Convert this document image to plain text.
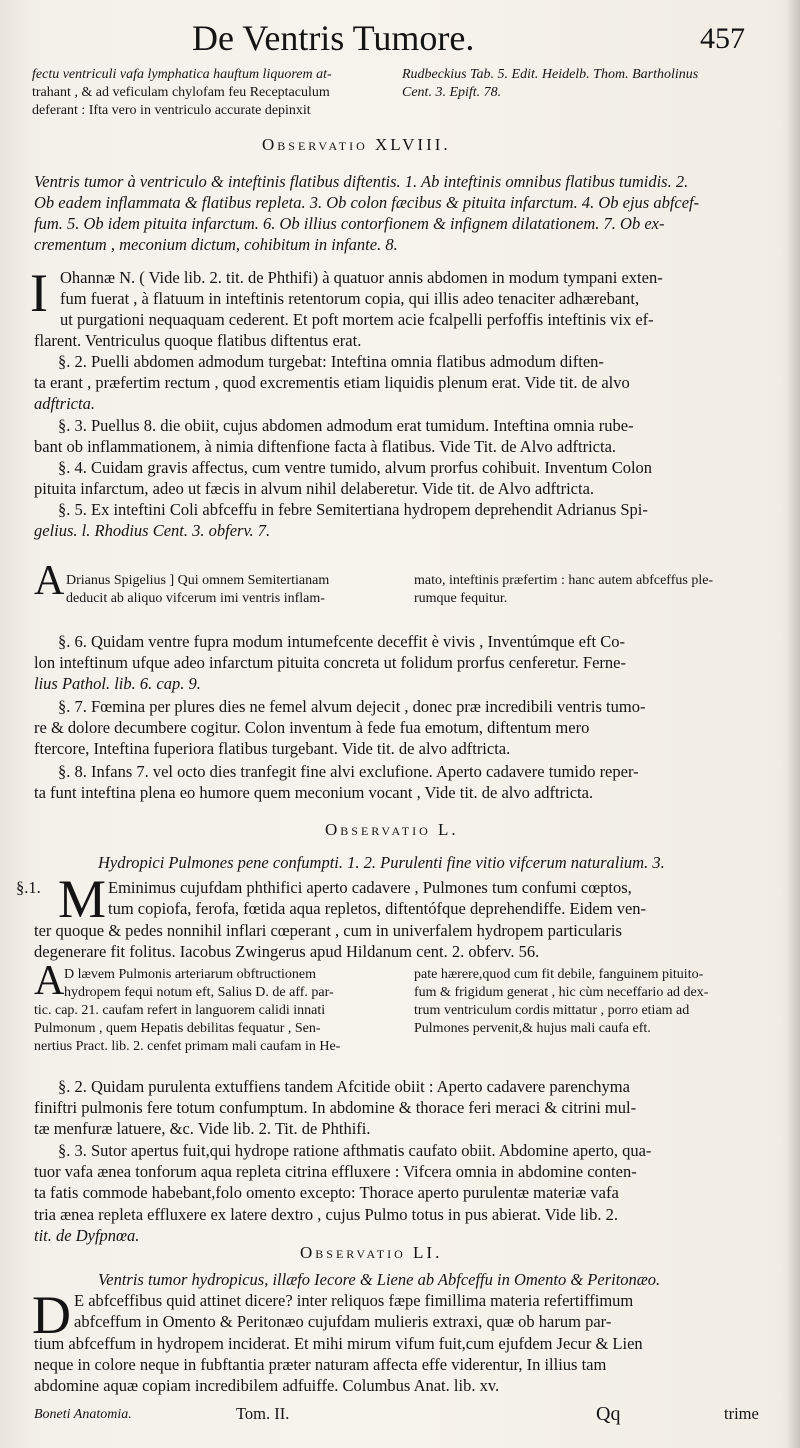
De Ventris Tumore.	457
fectu ventriculi vafa lymphatica hauftum liquorem at-
trahant , & ad veficulam chylofam feu Receptaculum
deferant : Ifta vero in ventriculo accurate depinxit
Rudbeckius Tab. 5. Edit. Heidelb. Thom. Bartholinus
Cent. 3. Epift. 78.
Observatio XLVIII.
Ventris tumor à ventriculo & inteftinis flatibus diftentis. 1. Ab inteftinis omnibus flatibus tumidis. 2.
Ob eadem inflammata & flatibus repleta. 3. Ob colon fæcibus & pituita infarctum. 4. Ob ejus abfcef-
fum. 5. Ob idem pituita infarctum. 6. Ob illius contorfionem & infignem dilatationem. 7. Ob ex-
crementum , meconium dictum, cohibitum in infante. 8.
I Ohannæ N. ( Vide lib. 2. tit. de Phthifi) à quatuor annis abdomen in modum tympani exten-
fum fuerat , à flatuum in inteftinis retentorum copia, qui illis adeo tenaciter adhærebant,
ut purgationi nequaquam cederent. Et poft mortem acie fcalpelli perfoffis inteftinis vix ef-
flarent. Ventriculus quoque flatibus diftentus erat.
§. 2. Puelli abdomen admodum turgebat: Inteftina omnia flatibus admodum diften-
ta erant , præfertim rectum , quod excrementis etiam liquidis plenum erat. Vide tit. de alvo
adftricta.
§. 3. Puellus 8. die obiit, cujus abdomen admodum erat tumidum. Inteftina omnia rube-
bant ob inflammationem, à nimia diftenfione facta à flatibus. Vide Tit. de Alvo adftricta.
§. 4. Cuidam gravis affectus, cum ventre tumido, alvum prorfus cohibuit. Inventum Colon
pituita infarctum, adeo ut fæcis in alvum nihil delaberetur. Vide tit. de Alvo adftricta.
§. 5. Ex inteftini Coli abfceffu in febre Semitertiana hydropem deprehendit Adrianus Spi-
gelius. l. Rhodius Cent. 3. obferv. 7.
A Drianus Spigelius ] Qui omnem Semitertianam
deducit ab aliquo vifcerum imi ventris inflam-
mato, inteftinis præfertim : hanc autem abfceffus ple-
rumque fequitur.
§. 6. Quidam ventre fupra modum intumefcente deceffit è vivis , Inventúmque eft Co-
lon inteftinum ufque adeo infarctum pituita concreta ut folidum prorfus cenferetur. Fernе-
lius Pathol. lib. 6. cap. 9.
§. 7. Fœmina per plures dies ne femel alvum dejecit , donec præ incredibili ventris tumo-
re & dolore decumbere cogitur. Colon inventum à fede fua emotum, diftentum mero
ftercore, Inteftina fuperiora flatibus turgebant. Vide tit. de alvo adftricta.
§. 8. Infans 7. vel octo dies tranfegit fine alvi exclufione. Aperto cadavere tumido reper-
ta funt inteftina plena eo humore quem meconium vocant , Vide tit. de alvo adftricta.
Observatio L.
Hydropici Pulmones pene confumpti. 1. 2. Purulenti fine vitio vifcerum naturalium. 3.
§.1. M Eminimus cujufdam phthifici aperto cadavere , Pulmones tum confumi cœptos,
tum copiofa, ferofa, fœtida aqua repletos, diftentófque deprehendiffe. Eidem ven-
ter quoque & pedes nonnihil inflari cœperant , cum in univerfalem hydropem particularis
degenerare fit folitus. Iacobus Zwingerus apud Hildanum cent. 2. obferv. 56.
A D lævem Pulmonis arteriarum obftructionem
hydropem fequi notum eft, Salius D. de aff. par-
tic. cap. 21. caufam refert in languorem calidi innati
Pulmonum , quem Hepatis debilitas fequatur , Sen-
nertius Pract. lib. 2. cenfet primam mali caufam in He-
pate hærere,quod cum fit debile, fanguinem pituito-
fum & frigidum generat , hic cùm neceffario ad dex-
trum ventriculum cordis mittatur , porro etiam ad
Pulmones pervenit,& hujus mali caufa eft.
§. 2. Quidam purulenta extuffiens tandem Afcitide obiit : Aperto cadavere parenchyma
finiftri pulmonis fere totum confumptum. In abdomine & thorace feri meraci & citrini mul-
tæ menfuræ latuere, &c. Vide lib. 2. Tit. de Phthifi.
§. 3. Sutor apertus fuit,qui hydrope ratione afthmatis caufato obiit. Abdomine aperto, qua-
tuor vafa ænea tonforum aqua repleta citrina effluxere : Vifcera omnia in abdomine conten-
ta fatis commode habebant,folo omento excepto: Thorace aperto purulentæ materiæ vafa
tria ænea repleta effluxere ex latere dextro , cujus Pulmo totus in pus abierat. Vide lib. 2.
tit. de Dyfpnœa.
Observatio LI.
Ventris tumor hydropicus, illæfo Iecore & Liene ab Abfceffu in Omento & Peritonæo.
D E abfceffibus quid attinet dicere? inter reliquos fæpe fimillima materia refertiffimum
abfceffum in Omento & Peritonæo cujufdam mulieris extraxi, quæ ob harum par-
tium abfceffum in hydropem inciderat. Et mihi mirum vifum fuit,cum ejufdem Jecur & Lien
neque in colore neque in fubftantia præter naturam affecta effe viderentur, In illius tam
abdomine aquæ copiam incredibilem adfuiffe. Columbus Anat. lib. xv.
Boneti Anatomia.	Tom. II.	Qq	trime
